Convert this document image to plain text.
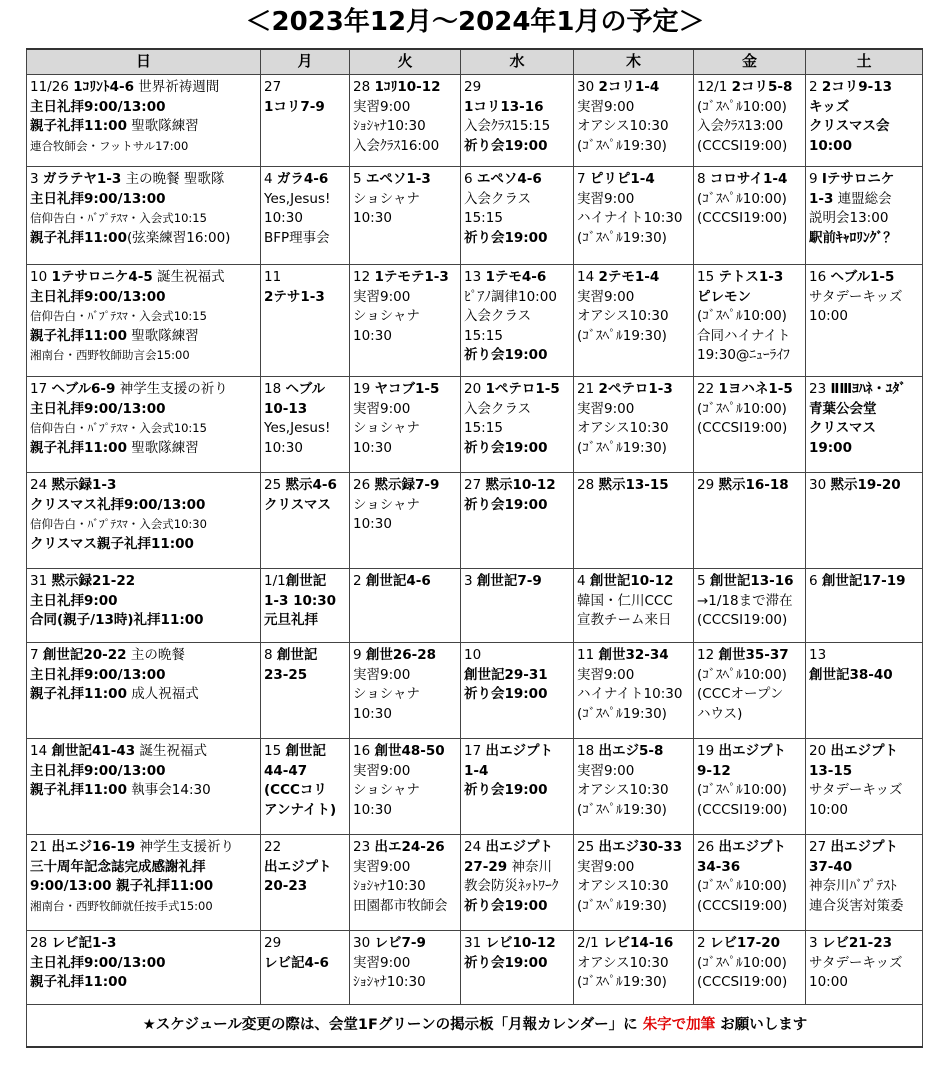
＜2023年12月～2024年1月の予定＞
日	月	火	水	木	金	土

11/26 1ｺﾘﾝﾄ4-6 世界祈祷週間
主日礼拝9:00/13:00
親子礼拝11:00 聖歌隊練習
連合牧師会・フットサル17:00	27
1コリ7-9	28 1ｺﾘ10-12
実習9:00
ｼｮｼｬﾅ10:30
入会ｸﾗｽ16:00	29
1コリ13-16
入会ｸﾗｽ15:15
祈り会19:00	30 2コリ1-4
実習9:00
オアシス10:30
(ｺﾞｽﾍﾟﾙ19:30)	12/1 2コリ5-8
(ｺﾞｽﾍﾟﾙ10:00)
入会ｸﾗｽ13:00
(CCCSI19:00)	2 2コリ9-13
キッズ
クリスマス会
10:00

3 ガラテヤ1-3 主の晩餐 聖歌隊
主日礼拝9:00/13:00
信仰告白・ﾊﾞﾌﾟﾃｽﾏ・入会式10:15
親子礼拝11:00(弦楽練習16:00)	4 ガラ4-6
Yes,Jesus!
10:30
BFP理事会	5 エペソ1-3
ショシャナ
10:30	6 エペソ4-6
入会クラス
15:15
祈り会19:00	7 ピリピ1-4
実習9:00
ハイナイト10:30
(ｺﾞｽﾍﾟﾙ19:30)	8 コロサイ1-4
(ｺﾞｽﾍﾟﾙ10:00)
(CCCSI19:00)	9 Ⅰテサロニケ
1-3 連盟総会
説明会13:00
駅前ｷｬﾛﾘﾝｸﾞ？

10 1テサロニケ4-5 誕生祝福式
主日礼拝9:00/13:00
信仰告白・ﾊﾞﾌﾟﾃｽﾏ・入会式10:15
親子礼拝11:00 聖歌隊練習
湘南台・西野牧師助言会15:00	11
2テサ1-3	12 1テモテ1-3
実習9:00
ショシャナ
10:30	13 1テモ4-6
ﾋﾟｱﾉ調律10:00
入会クラス
15:15
祈り会19:00	14 2テモ1-4
実習9:00
オアシス10:30
(ｺﾞｽﾍﾟﾙ19:30)	15 テトス1-3
ピレモン
(ｺﾞｽﾍﾟﾙ10:00)
合同ハイナイト
19:30@ﾆｭｰﾗｲﾌ	16 ヘブル1-5
サタデーキッズ
10:00

17 ヘブル6-9 神学生支援の祈り
主日礼拝9:00/13:00
信仰告白・ﾊﾞﾌﾟﾃｽﾏ・入会式10:15
親子礼拝11:00 聖歌隊練習	18 ヘブル
10-13
Yes,Jesus!
10:30	19 ヤコブ1-5
実習9:00
ショシャナ
10:30	20 1ペテロ1-5
入会クラス
15:15
祈り会19:00	21 2ペテロ1-3
実習9:00
オアシス10:30
(ｺﾞｽﾍﾟﾙ19:30)	22 1ヨハネ1-5
(ｺﾞｽﾍﾟﾙ10:00)
(CCCSI19:00)	23 ⅡⅢﾖﾊﾈ・ﾕﾀﾞ
青葉公会堂
クリスマス
19:00

24 黙示録1-3
クリスマス礼拝9:00/13:00
信仰告白・ﾊﾞﾌﾟﾃｽﾏ・入会式10:30
クリスマス親子礼拝11:00	25 黙示4-6
クリスマス	26 黙示録7-9
ショシャナ
10:30	27 黙示10-12
祈り会19:00	28 黙示13-15	29 黙示16-18	30 黙示19-20

31 黙示録21-22
主日礼拝9:00
合同(親子/13時)礼拝11:00	1/1創世記
1-3 10:30
元旦礼拝	2 創世記4-6	3 創世記7-9	4 創世記10-12
韓国・仁川CCC
宣教チーム来日	5 創世記13-16
→1/18まで滞在
(CCCSI19:00)	6 創世記17-19

7 創世記20-22 主の晩餐
主日礼拝9:00/13:00
親子礼拝11:00 成人祝福式	8 創世記
23-25	9 創世26-28
実習9:00
ショシャナ
10:30	10
創世記29-31
祈り会19:00	11 創世32-34
実習9:00
ハイナイト10:30
(ｺﾞｽﾍﾟﾙ19:30)	12 創世35-37
(ｺﾞｽﾍﾟﾙ10:00)
(CCCオープン
ハウス)	13
創世記38-40

14 創世記41-43 誕生祝福式
主日礼拝9:00/13:00
親子礼拝11:00 執事会14:30	15 創世記
44-47
(CCCコリ
アンナイト)	16 創世48-50
実習9:00
ショシャナ
10:30	17 出エジプト
1-4
祈り会19:00	18 出エジ5-8
実習9:00
オアシス10:30
(ｺﾞｽﾍﾟﾙ19:30)	19 出エジプト
9-12
(ｺﾞｽﾍﾟﾙ10:00)
(CCCSI19:00)	20 出エジプト
13-15
サタデーキッズ
10:00

21 出エジ16-19 神学生支援祈り
三十周年記念誌完成感謝礼拝
9:00/13:00 親子礼拝11:00
湘南台・西野牧師就任按手式15:00	22
出エジプト
20-23	23 出エ24-26
実習9:00
ｼｮｼｬﾅ10:30
田園都市牧師会	24 出エジプト
27-29 神奈川
教会防災ﾈｯﾄﾜｰｸ
祈り会19:00	25 出エジ30-33
実習9:00
オアシス10:30
(ｺﾞｽﾍﾟﾙ19:30)	26 出エジプト
34-36
(ｺﾞｽﾍﾟﾙ10:00)
(CCCSI19:00)	27 出エジプト
37-40
神奈川ﾊﾞﾌﾟﾃｽﾄ
連合災害対策委

28 レビ記1-3
主日礼拝9:00/13:00
親子礼拝11:00	29
レビ記4-6	30 レビ7-9
実習9:00
ｼｮｼｬﾅ10:30	31 レビ10-12
祈り会19:00	2/1 レビ14-16
オアシス10:30
(ｺﾞｽﾍﾟﾙ19:30)	2 レビ17-20
(ｺﾞｽﾍﾟﾙ10:00)
(CCCSI19:00)	3 レビ21-23
サタデーキッズ
10:00

★スケジュール変更の際は、会堂1Fグリーンの掲示板「月報カレンダー」に 朱字で加筆 お願いします						
